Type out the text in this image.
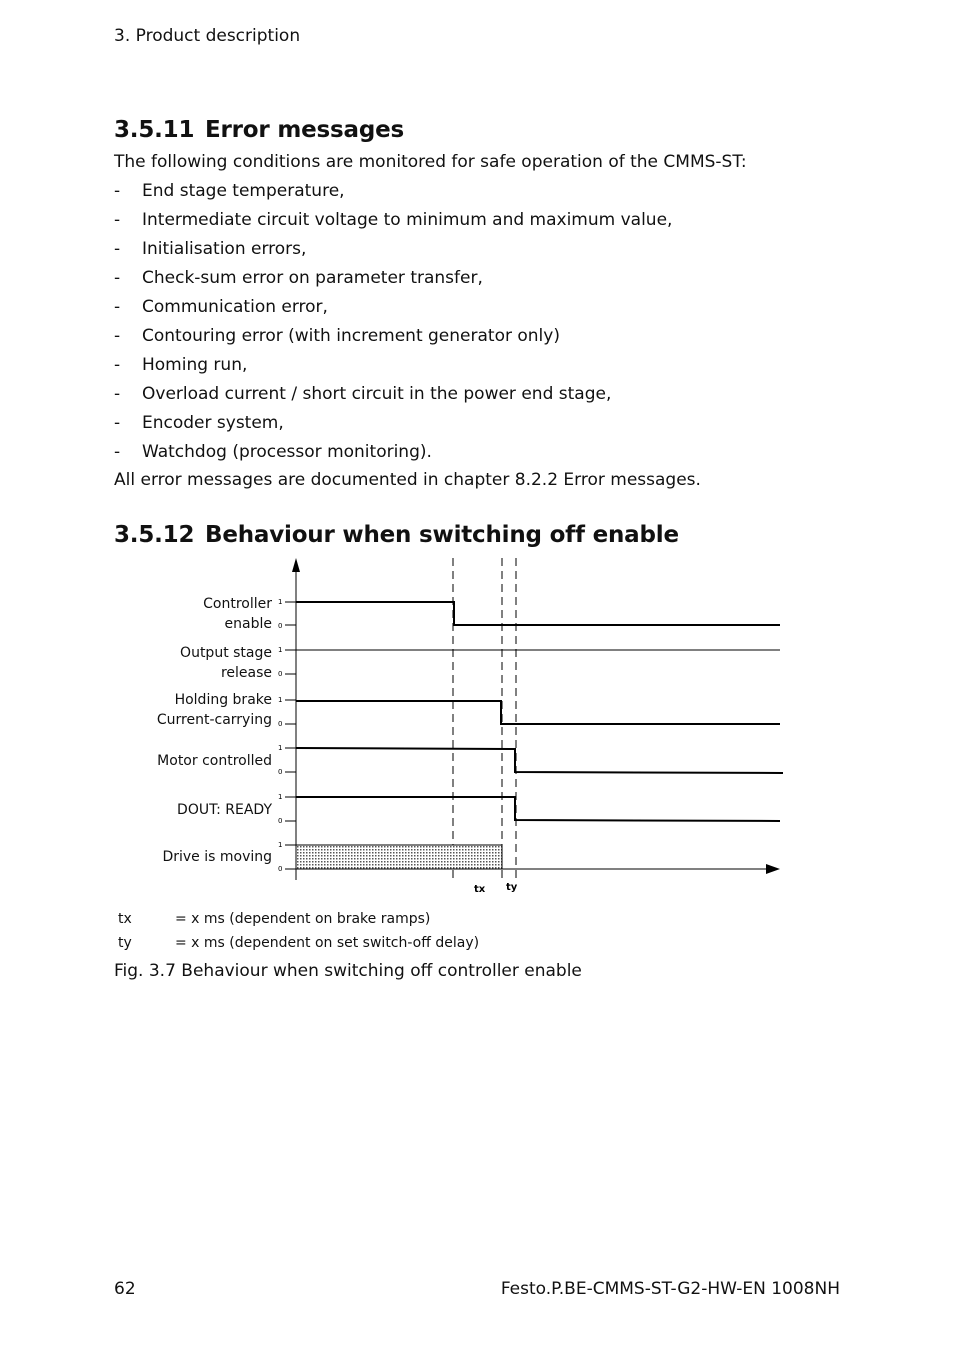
3. Product description
3.5.11 Error messages
The following conditions are monitored for safe operation of the CMMS-ST:
- End stage temperature,
- Intermediate circuit voltage to minimum and maximum value,
- Initialisation errors,
- Check-sum error on parameter transfer,
- Communication error,
- Contouring error (with increment generator only)
- Homing run,
- Overload current / short circuit in the power end stage,
- Encoder system,
- Watchdog (processor monitoring).
All error messages are documented in chapter 8.2.2 Error messages.
3.5.12 Behaviour when switching off enable
1
0
1
0
1
0
1
0
1
0
1
0
Controller
enable
Output stage
release
Holding brake
Current-carrying
Motor controlled
DOUT: READY
Drive is moving
tx ty
tx	= x ms (dependent on brake ramps)
ty	= x ms (dependent on set switch-off delay)
Fig. 3.7 Behaviour when switching off controller enable
62	Festo.P.BE-CMMS-ST-G2-HW-EN 1008NH
